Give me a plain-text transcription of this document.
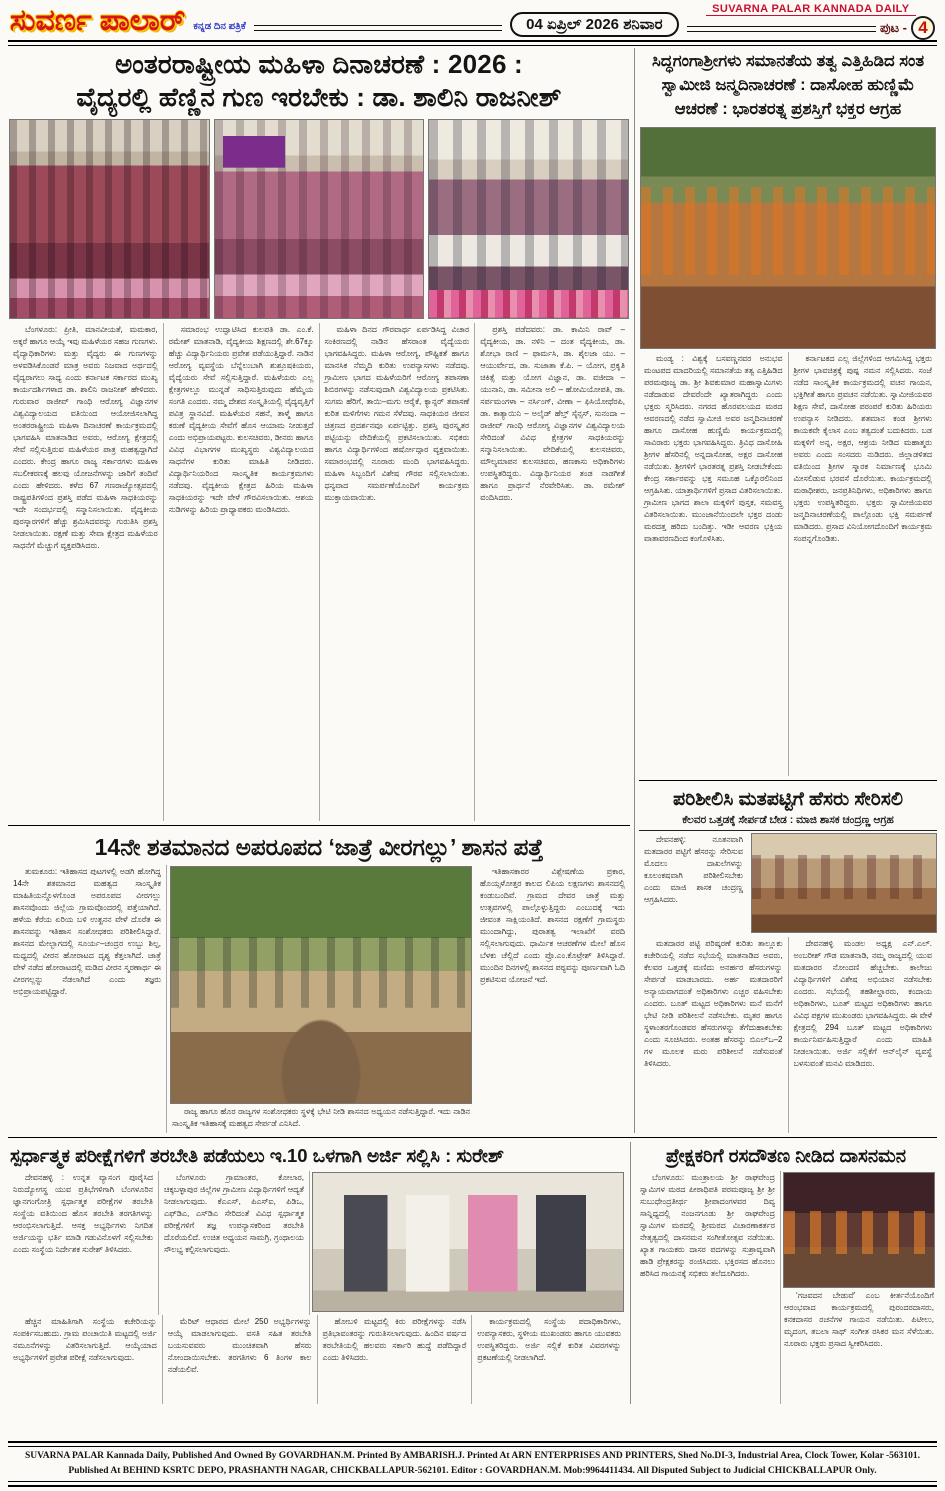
ಸುವರ್ಣ ಪಾಲಾರ್ ಕನ್ನಡ ದಿನ ಪತ್ರಿಕೆ	04 ಏಪ್ರಿಲ್ 2026 ಶನಿವಾರ
SUVARNA PALAR KANNADA DAILY
ಪುಟ - 4
ಅಂತರರಾಷ್ಟ್ರೀಯ ಮಹಿಳಾ ದಿನಾಚರಣೆ : 2026 :
ವೈದ್ಯರಲ್ಲಿ ಹೆಣ್ಣಿನ ಗುಣ ಇರಬೇಕು : ಡಾ. ಶಾಲಿನಿ ರಾಜನೀಶ್
ಬೆಂಗಳೂರು: ಪ್ರೀತಿ, ಮಾನವೀಯತೆ, ಮಮಕಾರ, ಅಕ್ಕರೆ ಹಾಗೂ ಆಯ್ಕೆ ಇವು ಮಹಿಳೆಯರ ಸಹಜ ಗುಣಗಳು. ವೈದ್ಯಾಧಿಕಾರಿಗಳು ಮತ್ತು ವೈದ್ಯರು ಈ ಗುಣಗಳನ್ನು ಅಳವಡಿಸಿಕೊಂಡರೆ ಮಾತ್ರ ಅವರು ನಿಜವಾದ ಅರ್ಥದಲ್ಲಿ ವೈದ್ಯರಾಗಲು ಸಾಧ್ಯ ಎಂದು ಕರ್ನಾಟಕ ಸರ್ಕಾರದ ಮುಖ್ಯ ಕಾರ್ಯದರ್ಶಿಗಳಾದ ಡಾ. ಶಾಲಿನಿ ರಾಜನೀಶ್ ಹೇಳಿದರು. ಗುರುವಾರ ರಾಜೀವ್ ಗಾಂಧಿ ಆರೋಗ್ಯ ವಿಜ್ಞಾನಗಳ ವಿಶ್ವವಿದ್ಯಾಲಯದ ವತಿಯಿಂದ ಆಯೋಜಿಸಲಾಗಿದ್ದ ಅಂತರರಾಷ್ಟ್ರೀಯ ಮಹಿಳಾ ದಿನಾಚರಣೆ ಕಾರ್ಯಕ್ರಮದಲ್ಲಿ ಭಾಗವಹಿಸಿ ಮಾತನಾಡಿದ ಅವರು, ಆರೋಗ್ಯ ಕ್ಷೇತ್ರದಲ್ಲಿ ಸೇವೆ ಸಲ್ಲಿಸುತ್ತಿರುವ ಮಹಿಳೆಯರ ಪಾತ್ರ ಮಹತ್ವದ್ದಾಗಿದೆ ಎಂದರು. ಕೇಂದ್ರ ಹಾಗೂ ರಾಜ್ಯ ಸರ್ಕಾರಗಳು ಮಹಿಳಾ ಸಬಲೀಕರಣಕ್ಕೆ ಹಲವು ಯೋಜನೆಗಳನ್ನು ಜಾರಿಗೆ ತಂದಿವೆ ಎಂದು ಹೇಳಿದರು. ಕಳೆದ 67 ಗಣರಾಜ್ಯೋತ್ಸವದಲ್ಲಿ ರಾಷ್ಟ್ರಪತಿಗಳಿಂದ ಪ್ರಶಸ್ತಿ ಪಡೆದ ಮಹಿಳಾ ಸಾಧಕಿಯರನ್ನು ಇದೇ ಸಂದರ್ಭದಲ್ಲಿ ಸನ್ಮಾನಿಸಲಾಯಿತು. ವೈದ್ಯಕೀಯ ಪುರಸ್ಕಾರಗಳಿಗೆ ಹೆಚ್ಚು ಶ್ರಮಿಸಿದವರನ್ನು ಗುರುತಿಸಿ ಪ್ರಶಸ್ತಿ ನೀಡಲಾಯಿತು. ರಕ್ಷಣೆ ಮತ್ತು ಸೇವಾ ಕ್ಷೇತ್ರದ ಮಹಿಳೆಯರ ಸಾಧನೆಗೆ ಮೆಚ್ಚುಗೆ ವ್ಯಕ್ತಪಡಿಸಿದರು.
ಸಮಾರಂಭ ಉದ್ಘಾಟಿಸಿದ ಕುಲಪತಿ ಡಾ. ಎಂ.ಕೆ. ರಮೇಶ್ ಮಾತನಾಡಿ, ವೈದ್ಯಕೀಯ ಶಿಕ್ಷಣದಲ್ಲಿ ಶೇ.67ಕ್ಕೂ ಹೆಚ್ಚು ವಿದ್ಯಾರ್ಥಿನಿಯರು ಪ್ರವೇಶ ಪಡೆಯುತ್ತಿದ್ದಾರೆ. ನಾಡಿನ ಆರೋಗ್ಯ ವ್ಯವಸ್ಥೆಯ ಬೆನ್ನೆಲುಬಾಗಿ ಶುಶ್ರೂಷಕಿಯರು, ವೈದ್ಯೆಯರು ಸೇವೆ ಸಲ್ಲಿಸುತ್ತಿದ್ದಾರೆ. ಮಹಿಳೆಯರು ಎಲ್ಲ ಕ್ಷೇತ್ರಗಳಲ್ಲೂ ಮುನ್ನಡೆ ಸಾಧಿಸುತ್ತಿರುವುದು ಹೆಮ್ಮೆಯ ಸಂಗತಿ ಎಂದರು. ನಮ್ಮ ದೇಶದ ಸಂಸ್ಕೃತಿಯಲ್ಲಿ ವೈದ್ಯವೃತ್ತಿಗೆ ಪವಿತ್ರ ಸ್ಥಾನವಿದೆ. ಮಹಿಳೆಯರ ಸಹನೆ, ತಾಳ್ಮೆ ಹಾಗೂ ಕರುಣೆ ವೈದ್ಯಕೀಯ ಸೇವೆಗೆ ಹೊಸ ಆಯಾಮ ನೀಡುತ್ತದೆ ಎಂದು ಅಭಿಪ್ರಾಯಪಟ್ಟರು. ಕುಲಸಚಿವರು, ಡೀನರು ಹಾಗೂ ವಿವಿಧ ವಿಭಾಗಗಳ ಮುಖ್ಯಸ್ಥರು ವಿಶ್ವವಿದ್ಯಾಲಯದ ಸಾಧನೆಗಳ ಕುರಿತು ಮಾಹಿತಿ ನೀಡಿದರು. ವಿದ್ಯಾರ್ಥಿನಿಯರಿಂದ ಸಾಂಸ್ಕೃತಿಕ ಕಾರ್ಯಕ್ರಮಗಳು ನಡೆದವು. ವೈದ್ಯಕೀಯ ಕ್ಷೇತ್ರದ ಹಿರಿಯ ಮಹಿಳಾ ಸಾಧಕಿಯರನ್ನು ಇದೇ ವೇಳೆ ಗೌರವಿಸಲಾಯಿತು. ಆಶಯ ನುಡಿಗಳನ್ನು ಹಿರಿಯ ಪ್ರಾಧ್ಯಾಪಕರು ಮಂಡಿಸಿದರು.
ಮಹಿಳಾ ದಿನದ ಗೌರವಾರ್ಥ ಏರ್ಪಡಿಸಿದ್ದ ವಿಚಾರ ಸಂಕಿರಣದಲ್ಲಿ ನಾಡಿನ ಹೆಸರಾಂತ ವೈದ್ಯೆಯರು ಭಾಗವಹಿಸಿದ್ದರು. ಮಹಿಳಾ ಆರೋಗ್ಯ, ಪೌಷ್ಟಿಕತೆ ಹಾಗೂ ಮಾನಸಿಕ ನೆಮ್ಮದಿ ಕುರಿತು ಉಪನ್ಯಾಸಗಳು ನಡೆದವು. ಗ್ರಾಮೀಣ ಭಾಗದ ಮಹಿಳೆಯರಿಗೆ ಆರೋಗ್ಯ ತಪಾಸಣಾ ಶಿಬಿರಗಳನ್ನು ನಡೆಸುವುದಾಗಿ ವಿಶ್ವವಿದ್ಯಾಲಯ ಪ್ರಕಟಿಸಿತು. ಸುಗಮ ಹೆರಿಗೆ, ತಾಯಿ–ಮಗು ಆರೈಕೆ, ಕ್ಯಾನ್ಸರ್ ತಪಾಸಣೆ ಕುರಿತ ಮಳಿಗೆಗಳು ಗಮನ ಸೆಳೆದವು. ಸಾಧಕಿಯರ ಜೀವನ ಚಿತ್ರಣದ ಪ್ರದರ್ಶನವೂ ಏರ್ಪಟ್ಟಿತ್ತು. ಪ್ರಶಸ್ತಿ ಪುರಸ್ಕೃತರ ಪಟ್ಟಿಯನ್ನು ವೇದಿಕೆಯಲ್ಲಿ ಪ್ರಕಟಿಸಲಾಯಿತು. ಸಭಿಕರು ಹಾಗೂ ವಿದ್ಯಾರ್ಥಿಗಳಿಂದ ಹರ್ಷೋದ್ಗಾರ ವ್ಯಕ್ತವಾಯಿತು. ಸಮಾರಂಭದಲ್ಲಿ ನೂರಾರು ಮಂದಿ ಭಾಗವಹಿಸಿದ್ದರು. ಮಹಿಳಾ ಸಿಬ್ಬಂದಿಗೆ ವಿಶೇಷ ಗೌರವ ಸಲ್ಲಿಸಲಾಯಿತು. ಧನ್ಯವಾದ ಸಮರ್ಪಣೆಯೊಂದಿಗೆ ಕಾರ್ಯಕ್ರಮ ಮುಕ್ತಾಯವಾಯಿತು.
ಪ್ರಶಸ್ತಿ ಪಡೆದವರು: ಡಾ. ಕಾಮಿನಿ ರಾವ್ – ವೈದ್ಯಕೀಯ, ಡಾ. ನಳಿನಿ – ದಂತ ವೈದ್ಯಕೀಯ, ಡಾ. ಶೋಭಾ ರಾಣಿ – ಫಾರ್ಮಸಿ, ಡಾ. ಶೈಲಜಾ ಯು. – ಆಯುರ್ವೇದ, ಡಾ. ಸುಜಾತಾ ಕೆ.ಪಿ. – ಯೋಗ, ಪ್ರಕೃತಿ ಚಿಕಿತ್ಸೆ ಮತ್ತು ಯೋಗ ವಿಜ್ಞಾನ, ಡಾ. ವಜೀದಾ – ಯುನಾನಿ, ಡಾ. ಸಮೀನಾ ಅಲಿ – ಹೋಮಿಯೋಪತಿ, ಡಾ. ಸರ್ಪಮಂಗಳಾ – ನರ್ಸಿಂಗ್, ವೀಣಾ – ಫಿಸಿಯೋಥೆರಪಿ, ಡಾ. ಕಾತ್ಯಾಯಿನಿ – ಅಲೈಡ್ ಹೆಲ್ತ್ ಸೈನ್ಸಸ್, ಸುನಂದಾ – ರಾಜೀವ್ ಗಾಂಧಿ ಆರೋಗ್ಯ ವಿಜ್ಞಾನಗಳ ವಿಶ್ವವಿದ್ಯಾಲಯ ಸೇರಿದಂತೆ ವಿವಿಧ ಕ್ಷೇತ್ರಗಳ ಸಾಧಕಿಯರನ್ನು ಸನ್ಮಾನಿಸಲಾಯಿತು. ವೇದಿಕೆಯಲ್ಲಿ ಕುಲಸಚಿವರು, ಮೌಲ್ಯಮಾಪನ ಕುಲಸಚಿವರು, ಹಣಕಾಸು ಅಧಿಕಾರಿಗಳು ಉಪಸ್ಥಿತರಿದ್ದರು. ವಿದ್ಯಾರ್ಥಿನಿಯರ ತಂಡ ನಾಡಗೀತೆ ಹಾಗೂ ಪ್ರಾರ್ಥನೆ ನೆರವೇರಿಸಿತು. ಡಾ. ರಮೇಶ್ ವಂದಿಸಿದರು.
14ನೇ ಶತಮಾನದ ಅಪರೂಪದ ‘ಜಾತ್ರೆ ವೀರಗಲ್ಲು’ ಶಾಸನ ಪತ್ತೆ
ತುಮಕೂರು: ಇತಿಹಾಸದ ಪುಟಗಳಲ್ಲಿ ಅಡಗಿ ಹೋಗಿದ್ದ 14ನೇ ಶತಮಾನದ ಮಹತ್ವದ ಸಾಂಸ್ಕೃತಿಕ ಮಾಹಿತಿಯನ್ನೊಳಗೊಂಡ ಅಪರೂಪದ ವೀರಗಲ್ಲು ಶಾಸನವೊಂದು ಜಿಲ್ಲೆಯ ಗ್ರಾಮವೊಂದರಲ್ಲಿ ಪತ್ತೆಯಾಗಿದೆ. ಹಳೆಯ ಕೆರೆಯ ಏರಿಯ ಬಳಿ ಉತ್ಖನನ ವೇಳೆ ದೊರೆತ ಈ ಶಾಸನವನ್ನು ಇತಿಹಾಸ ಸಂಶೋಧಕರು ಪರಿಶೀಲಿಸಿದ್ದಾರೆ. ಶಾಸನದ ಮೇಲ್ಭಾಗದಲ್ಲಿ ಸೂರ್ಯ–ಚಂದ್ರರ ಉಬ್ಬು ಶಿಲ್ಪ, ಮಧ್ಯದಲ್ಲಿ ವೀರನ ಹೋರಾಟದ ದೃಶ್ಯ ಕೆತ್ತಲಾಗಿದೆ. ಜಾತ್ರೆ ವೇಳೆ ನಡೆದ ಹೋರಾಟದಲ್ಲಿ ಮಡಿದ ವೀರನ ಸ್ಮರಣಾರ್ಥ ಈ ವೀರಗಲ್ಲನ್ನು ನೆಡಲಾಗಿದೆ ಎಂದು ತಜ್ಞರು ಅಭಿಪ್ರಾಯಪಟ್ಟಿದ್ದಾರೆ.
ರಾಜ್ಯ ಹಾಗೂ ಹೊರ ರಾಜ್ಯಗಳ ಸಂಶೋಧಕರು ಸ್ಥಳಕ್ಕೆ ಭೇಟಿ ನೀಡಿ ಶಾಸನದ ಅಧ್ಯಯನ ನಡೆಸುತ್ತಿದ್ದಾರೆ. ಇದು ನಾಡಿನ ಸಾಂಸ್ಕೃತಿಕ ಇತಿಹಾಸಕ್ಕೆ ಮಹತ್ವದ ಸೇರ್ಪಡೆ ಎನಿಸಿದೆ.
ಇತಿಹಾಸಕಾರರ ವಿಶ್ಲೇಷಣೆಯ ಪ್ರಕಾರ, ಹೊಯ್ಸಳೋತ್ತರ ಕಾಲದ ಲಿಪಿಯ ಲಕ್ಷಣಗಳು ಶಾಸನದಲ್ಲಿ ಕಂಡುಬಂದಿವೆ. ಗ್ರಾಮದ ದೇವರ ಜಾತ್ರೆ ಮತ್ತು ಉತ್ಸವಗಳಲ್ಲಿ ಪಾಲ್ಗೊಳ್ಳುತ್ತಿದ್ದರು ಎಂಬುದಕ್ಕೆ ಇದು ಜೀವಂತ ಸಾಕ್ಷಿಯಂತಿದೆ. ಶಾಸನದ ರಕ್ಷಣೆಗೆ ಗ್ರಾಮಸ್ಥರು ಮುಂದಾಗಿದ್ದು, ಪುರಾತತ್ವ ಇಲಾಖೆಗೆ ವರದಿ ಸಲ್ಲಿಸಲಾಗುವುದು. ಧಾರ್ಮಿಕ ಆಚರಣೆಗಳ ಮೇಲೆ ಹೊಸ ಬೆಳಕು ಚೆಲ್ಲಿದೆ ಎಂದು ಪ್ರೊ.ಎಂ.ಕೊಟ್ರೇಶ್ ತಿಳಿಸಿದ್ದಾರೆ. ಮುಂದಿನ ದಿನಗಳಲ್ಲಿ ಶಾಸನದ ಪಠ್ಯವನ್ನು ಪೂರ್ಣವಾಗಿ ಓದಿ ಪ್ರಕಟಿಸುವ ಯೋಜನೆ ಇದೆ.
ಸಿದ್ಧಗಂಗಾಶ್ರೀಗಳು ಸಮಾನತೆಯ ತತ್ವ ಎತ್ತಿಹಿಡಿದ ಸಂತ ಸ್ವಾಮೀಜಿ ಜನ್ಮದಿನಾಚರಣೆ : ದಾಸೋಹ ಹುಣ್ಣಿಮೆ ಆಚರಣೆ : ಭಾರತರತ್ನ ಪ್ರಶಸ್ತಿಗೆ ಭಕ್ತರ ಆಗ್ರಹ
ಮಂಡ್ಯ : ವಿಶ್ವಕ್ಕೆ ಬಸವಣ್ಣನವರ ಅನುಭವ ಮಂಟಪದ ಮಾದರಿಯಲ್ಲಿ ಸಮಾನತೆಯ ತತ್ವ ಎತ್ತಿಹಿಡಿದ ಪರಮಪೂಜ್ಯ ಡಾ. ಶ್ರೀ ಶಿವಕುಮಾರ ಮಹಾಸ್ವಾಮಿಗಳು ನಡೆದಾಡುವ ದೇವರೆಂದೇ ಖ್ಯಾತರಾಗಿದ್ದರು ಎಂದು ಭಕ್ತರು ಸ್ಮರಿಸಿದರು. ನಗರದ ಹೊರವಲಯದ ಮಠದ ಆವರಣದಲ್ಲಿ ನಡೆದ ಸ್ವಾಮೀಜಿ ಅವರ ಜನ್ಮದಿನಾಚರಣೆ ಹಾಗೂ ದಾಸೋಹ ಹುಣ್ಣಿಮೆ ಕಾರ್ಯಕ್ರಮದಲ್ಲಿ ಸಾವಿರಾರು ಭಕ್ತರು ಭಾಗವಹಿಸಿದ್ದರು. ತ್ರಿವಿಧ ದಾಸೋಹಿ ಶ್ರೀಗಳ ಹೆಸರಿನಲ್ಲಿ ಅನ್ನದಾಸೋಹ, ಅಕ್ಷರ ದಾಸೋಹ ನಡೆಯಿತು. ಶ್ರೀಗಳಿಗೆ ಭಾರತರತ್ನ ಪ್ರಶಸ್ತಿ ನೀಡಬೇಕೆಂದು ಕೇಂದ್ರ ಸರ್ಕಾರವನ್ನು ಭಕ್ತ ಸಮೂಹ ಒಕ್ಕೊರಲಿನಿಂದ ಆಗ್ರಹಿಸಿತು. ಯಾತ್ರಾರ್ಥಿಗಳಿಗೆ ಪ್ರಸಾದ ವಿತರಿಸಲಾಯಿತು. ಗ್ರಾಮೀಣ ಭಾಗದ ಶಾಲಾ ಮಕ್ಕಳಿಗೆ ಪುಸ್ತಕ, ಸಮವಸ್ತ್ರ ವಿತರಿಸಲಾಯಿತು. ಮುಂಜಾನೆಯಿಂದಲೇ ಭಕ್ತರ ದಂಡು ಮಠದತ್ತ ಹರಿದು ಬಂದಿತ್ತು. ಇಡೀ ಆವರಣ ಭಕ್ತಿಯ ವಾತಾವರಣದಿಂದ ಕಂಗೊಳಿಸಿತು.
ಕರ್ನಾಟಕದ ಎಲ್ಲ ಜಿಲ್ಲೆಗಳಿಂದ ಆಗಮಿಸಿದ್ದ ಭಕ್ತರು ಶ್ರೀಗಳ ಭಾವಚಿತ್ರಕ್ಕೆ ಪುಷ್ಪ ನಮನ ಸಲ್ಲಿಸಿದರು. ಸಂಜೆ ನಡೆದ ಸಾಂಸ್ಕೃತಿಕ ಕಾರ್ಯಕ್ರಮದಲ್ಲಿ ವಚನ ಗಾಯನ, ಭಕ್ತಿಗೀತೆ ಹಾಗೂ ಪ್ರವಚನ ನಡೆಯಿತು. ಸ್ವಾಮೀಜಿಯವರ ಶಿಕ್ಷಣ ಸೇವೆ, ದಾಸೋಹ ಪರಂಪರೆ ಕುರಿತು ಹಿರಿಯರು ಉಪನ್ಯಾಸ ನೀಡಿದರು. ಶತಮಾನ ಕಂಡ ಶ್ರೀಗಳು ಕಾಯಕವೇ ಕೈಲಾಸ ಎಂಬ ತತ್ವದಂತೆ ಬದುಕಿದರು. ಬಡ ಮಕ್ಕಳಿಗೆ ಅನ್ನ, ಅಕ್ಷರ, ಆಶ್ರಯ ನೀಡಿದ ಮಹಾತ್ಮರು ಅವರು ಎಂದು ಸಂಸದರು ನುಡಿದರು. ಜಿಲ್ಲಾಡಳಿತದ ವತಿಯಿಂದ ಶ್ರೀಗಳ ಸ್ಮಾರಕ ನಿರ್ಮಾಣಕ್ಕೆ ಭೂಮಿ ಮೀಸಲಿಡುವ ಭರವಸೆ ದೊರೆಯಿತು. ಕಾರ್ಯಕ್ರಮದಲ್ಲಿ ಮಠಾಧೀಶರು, ಜನಪ್ರತಿನಿಧಿಗಳು, ಅಧಿಕಾರಿಗಳು ಹಾಗೂ ಭಕ್ತರು ಉಪಸ್ಥಿತರಿದ್ದರು. ಭಕ್ತರು ಸ್ವಾಮೀಜಿಯವರ ಜನ್ಮದಿನಾಚರಣೆಯಲ್ಲಿ ಪಾಲ್ಗೊಂಡು ಭಕ್ತಿ ಸಮರ್ಪಣೆ ಮಾಡಿದರು. ಪ್ರಸಾದ ವಿನಿಯೋಗದೊಂದಿಗೆ ಕಾರ್ಯಕ್ರಮ ಸಂಪನ್ನಗೊಂಡಿತು.
ಪರಿಶೀಲಿಸಿ ಮತಪಟ್ಟಿಗೆ ಹೆಸರು ಸೇರಿಸಲಿ
ಕೆಲವರ ಒತ್ತಡಕ್ಕೆ ಸೇರ್ಪಡೆ ಬೇಡ : ಮಾಜಿ ಶಾಸಕ ಚಂದ್ರಣ್ಣ ಆಗ್ರಹ
ದೇವನಹಳ್ಳಿ: ನೂತನವಾಗಿ ಮತದಾರರ ಪಟ್ಟಿಗೆ ಹೆಸರನ್ನು ಸೇರಿಸುವ ಮೊದಲು ದಾಖಲೆಗಳನ್ನು ಕೂಲಂಕಷವಾಗಿ ಪರಿಶೀಲಿಸಬೇಕು ಎಂದು ಮಾಜಿ ಶಾಸಕ ಚಂದ್ರಣ್ಣ ಆಗ್ರಹಿಸಿದರು.
ಮತದಾರರ ಪಟ್ಟಿ ಪರಿಷ್ಕರಣೆ ಕುರಿತು ತಾಲ್ಲೂಕು ಕಚೇರಿಯಲ್ಲಿ ನಡೆದ ಸಭೆಯಲ್ಲಿ ಮಾತನಾಡಿದ ಅವರು, ಕೆಲವರ ಒತ್ತಡಕ್ಕೆ ಮಣಿದು ಅನರ್ಹರ ಹೆಸರುಗಳನ್ನು ಸೇರ್ಪಡೆ ಮಾಡಬಾರದು. ಅರ್ಹ ಮತದಾರರಿಗೆ ಅನ್ಯಾಯವಾಗದಂತೆ ಅಧಿಕಾರಿಗಳು ಎಚ್ಚರ ವಹಿಸಬೇಕು ಎಂದರು. ಬೂತ್ ಮಟ್ಟದ ಅಧಿಕಾರಿಗಳು ಮನೆ ಮನೆಗೆ ಭೇಟಿ ನೀಡಿ ಪರಿಶೀಲನೆ ನಡೆಸಬೇಕು. ಮೃತರ ಹಾಗೂ ಸ್ಥಳಾಂತರಗೊಂಡವರ ಹೆಸರುಗಳನ್ನು ತೆಗೆದುಹಾಕಬೇಕು ಎಂದು ಸೂಚಿಸಿದರು. ಅಂತಹ ಹೆಸರನ್ನು ಬಿಎಲ್ಒ–2 ಗಳ ಮೂಲಕ ಮರು ಪರಿಶೀಲನೆ ನಡೆಸುವಂತೆ ತಿಳಿಸಿದರು.
ದೇವನಹಳ್ಳಿ ಮಂಡಲ ಅಧ್ಯಕ್ಷ ಎನ್.ಎಲ್. ಅಂಬರೀಶ್ ಗೌಡ ಮಾತನಾಡಿ, ನಮ್ಮ ರಾಜ್ಯದಲ್ಲಿ ಯುವ ಮತದಾರರ ನೋಂದಣಿ ಹೆಚ್ಚಬೇಕು. ಕಾಲೇಜು ವಿದ್ಯಾರ್ಥಿಗಳಿಗೆ ವಿಶೇಷ ಅಭಿಯಾನ ನಡೆಸಬೇಕು ಎಂದರು. ಸಭೆಯಲ್ಲಿ ತಹಶೀಲ್ದಾರರು, ಕಂದಾಯ ಅಧಿಕಾರಿಗಳು, ಬೂತ್ ಮಟ್ಟದ ಅಧಿಕಾರಿಗಳು ಹಾಗೂ ವಿವಿಧ ಪಕ್ಷಗಳ ಮುಖಂಡರು ಭಾಗವಹಿಸಿದ್ದರು. ಈ ವೇಳೆ ಕ್ಷೇತ್ರದಲ್ಲಿ 294 ಬೂತ್ ಮಟ್ಟದ ಅಧಿಕಾರಿಗಳು ಕಾರ್ಯನಿರ್ವಹಿಸುತ್ತಿದ್ದಾರೆ ಎಂದು ಮಾಹಿತಿ ನೀಡಲಾಯಿತು. ಅರ್ಜಿ ಸಲ್ಲಿಕೆಗೆ ಆನ್‌ಲೈನ್ ವ್ಯವಸ್ಥೆ ಬಳಸುವಂತೆ ಮನವಿ ಮಾಡಿದರು.
ಸ್ಪರ್ಧಾತ್ಮಕ ಪರೀಕ್ಷೆಗಳಿಗೆ ತರಬೇತಿ ಪಡೆಯಲು ಇ.10 ಒಳಗಾಗಿ ಅರ್ಜಿ ಸಲ್ಲಿಸಿ : ಸುರೇಶ್
ದೇವನಹಳ್ಳಿ : ಉನ್ನತ ವ್ಯಾಸಂಗ ಪೂರೈಸಿದ ನಿರುದ್ಯೋಗಸ್ಥ ಯುವ ಪ್ರತಿಭೆಗಳಿಗಾಗಿ ಬೆಂಗಳೂರಿನ ಜ್ಞಾನಗಂಗೋತ್ರಿ ಸ್ಪರ್ಧಾತ್ಮಕ ಪರೀಕ್ಷೆಗಳ ತರಬೇತಿ ಸಂಸ್ಥೆಯ ವತಿಯಿಂದ ಹೊಸ ತರಬೇತಿ ತರಗತಿಗಳನ್ನು ಆರಂಭಿಸಲಾಗುತ್ತಿದೆ. ಆಸಕ್ತ ಅಭ್ಯರ್ಥಿಗಳು ನಿಗದಿತ ಅರ್ಜಿಯನ್ನು ಭರ್ತಿ ಮಾಡಿ ಗಡುವಿನೊಳಗೆ ಸಲ್ಲಿಸಬೇಕು ಎಂದು ಸಂಸ್ಥೆಯ ನಿರ್ದೇಶಕ ಸುರೇಶ್ ತಿಳಿಸಿದರು.
ಬೆಂಗಳೂರು ಗ್ರಾಮಾಂತರ, ಕೋಲಾರ, ಚಿಕ್ಕಬಳ್ಳಾಪುರ ಜಿಲ್ಲೆಗಳ ಗ್ರಾಮೀಣ ವಿದ್ಯಾರ್ಥಿಗಳಿಗೆ ಆದ್ಯತೆ ನೀಡಲಾಗುವುದು. ಕೆಎಎಸ್, ಪಿಎಸ್‌ಐ, ಪಿಡಿಒ, ಎಫ್‌ಡಿಎ, ಎಸ್‌ಡಿಎ ಸೇರಿದಂತೆ ವಿವಿಧ ಸ್ಪರ್ಧಾತ್ಮಕ ಪರೀಕ್ಷೆಗಳಿಗೆ ತಜ್ಞ ಉಪನ್ಯಾಸಕರಿಂದ ತರಬೇತಿ ದೊರೆಯಲಿದೆ. ಉಚಿತ ಅಧ್ಯಯನ ಸಾಮಗ್ರಿ, ಗ್ರಂಥಾಲಯ ಸೌಲಭ್ಯ ಕಲ್ಪಿಸಲಾಗುವುದು.
ಹೆಚ್ಚಿನ ಮಾಹಿತಿಗಾಗಿ ಸಂಸ್ಥೆಯ ಕಚೇರಿಯನ್ನು ಸಂಪರ್ಕಿಸಬಹುದು. ಗ್ರಾಮ ಪಂಚಾಯಿತಿ ಮಟ್ಟದಲ್ಲಿ ಅರ್ಜಿ ನಮೂನೆಗಳನ್ನು ವಿತರಿಸಲಾಗುತ್ತಿದೆ. ಆಯ್ಕೆಯಾದ ಅಭ್ಯರ್ಥಿಗಳಿಗೆ ಪ್ರವೇಶ ಪರೀಕ್ಷೆ ನಡೆಸಲಾಗುವುದು.
ಮೆರಿಟ್ ಆಧಾರದ ಮೇಲೆ 250 ಅಭ್ಯರ್ಥಿಗಳನ್ನು ಆಯ್ಕೆ ಮಾಡಲಾಗುವುದು. ವಸತಿ ಸಹಿತ ತರಬೇತಿ ಬಯಸುವವರು ಮುಂಚಿತವಾಗಿ ಹೆಸರು ನೋಂದಾಯಿಸಬೇಕು. ತರಗತಿಗಳು 6 ತಿಂಗಳ ಕಾಲ ನಡೆಯಲಿವೆ.
ಹೋಬಳಿ ಮಟ್ಟದಲ್ಲಿ ಕಿರು ಪರೀಕ್ಷೆಗಳನ್ನು ನಡೆಸಿ ಪ್ರತಿಭಾವಂತರನ್ನು ಗುರುತಿಸಲಾಗುವುದು. ಹಿಂದಿನ ವರ್ಷದ ತರಬೇತಿಯಲ್ಲಿ ಹಲವರು ಸರ್ಕಾರಿ ಹುದ್ದೆ ಪಡೆದಿದ್ದಾರೆ ಎಂದು ತಿಳಿಸಿದರು.
ಕಾರ್ಯಕ್ರಮದಲ್ಲಿ ಸಂಸ್ಥೆಯ ಪದಾಧಿಕಾರಿಗಳು, ಉಪನ್ಯಾಸಕರು, ಸ್ಥಳೀಯ ಮುಖಂಡರು ಹಾಗೂ ಯುವಕರು ಉಪಸ್ಥಿತರಿದ್ದರು. ಅರ್ಜಿ ಸಲ್ಲಿಕೆ ಕುರಿತ ವಿವರಗಳನ್ನು ಪ್ರಕಟಣೆಯಲ್ಲಿ ನೀಡಲಾಗಿದೆ.
ಪ್ರೇಕ್ಷಕರಿಗೆ ರಸದೌತಣ ನೀಡಿದ ದಾಸನಮನ
ಬೆಂಗಳೂರು: ಮಂತ್ರಾಲಯ ಶ್ರೀ ರಾಘವೇಂದ್ರ ಸ್ವಾಮಿಗಳ ಮಠದ ಪೀಠಾಧಿಪತಿ ಪರಮಪೂಜ್ಯ ಶ್ರೀ ಶ್ರೀ ಸುಬುಧೇಂದ್ರತೀರ್ಥ ಶ್ರೀಪಾದಂಗಳವರ ದಿವ್ಯ ಸಾನ್ನಿಧ್ಯದಲ್ಲಿ ನಂಜನಗೂಡು ಶ್ರೀ ರಾಘವೇಂದ್ರ ಸ್ವಾಮಿಗಳ ಮಠದಲ್ಲಿ ಶ್ರೀಮಠದ ವಿಚಾರಣಾಕರ್ತರ ನೇತೃತ್ವದಲ್ಲಿ ದಾಸನಮನ ಸಂಗೀತೋತ್ಸವ ನಡೆಯಿತು. ಖ್ಯಾತ ಗಾಯಕರು ದಾಸರ ಪದಗಳನ್ನು ಸುಶ್ರಾವ್ಯವಾಗಿ ಹಾಡಿ ಪ್ರೇಕ್ಷಕರನ್ನು ರಂಜಿಸಿದರು. ಭಕ್ತಿರಸದ ಹೊನಲು ಹರಿಸಿದ ಗಾಯನಕ್ಕೆ ಸಭಿಕರು ತಲೆದೂಗಿದರು.
‘ಗಜವದನ ಬೇಡುವೆ’ ಎಂಬ ಕೀರ್ತನೆಯೊಂದಿಗೆ ಆರಂಭವಾದ ಕಾರ್ಯಕ್ರಮದಲ್ಲಿ ಪುರಂದರದಾಸರು, ಕನಕದಾಸರ ರಚನೆಗಳ ಗಾಯನ ನಡೆಯಿತು. ಪಿಟೀಲು, ಮೃದಂಗ, ತಬಲಾ ಸಾಥ್ ಸಂಗೀತ ರಸಿಕರ ಮನ ಸೆಳೆಯಿತು. ನೂರಾರು ಭಕ್ತರು ಪ್ರಸಾದ ಸ್ವೀಕರಿಸಿದರು.
SUVARNA PALAR Kannada Daily, Published And Owned By GOVARDHAN.M. Printed By AMBARISH.J. Printed At ARN ENTERPRISES AND PRINTERS, Shed No.DI-3, Industrial Area, Clock Tower, Kolar -563101.
Published At BEHIND KSRTC DEPO, PRASHANTH NAGAR, CHICKBALLAPUR-562101. Editor : GOVARDHAN.M. Mob:9964411434. All Disputed Subject to Judicial CHICKBALLAPUR Only.
